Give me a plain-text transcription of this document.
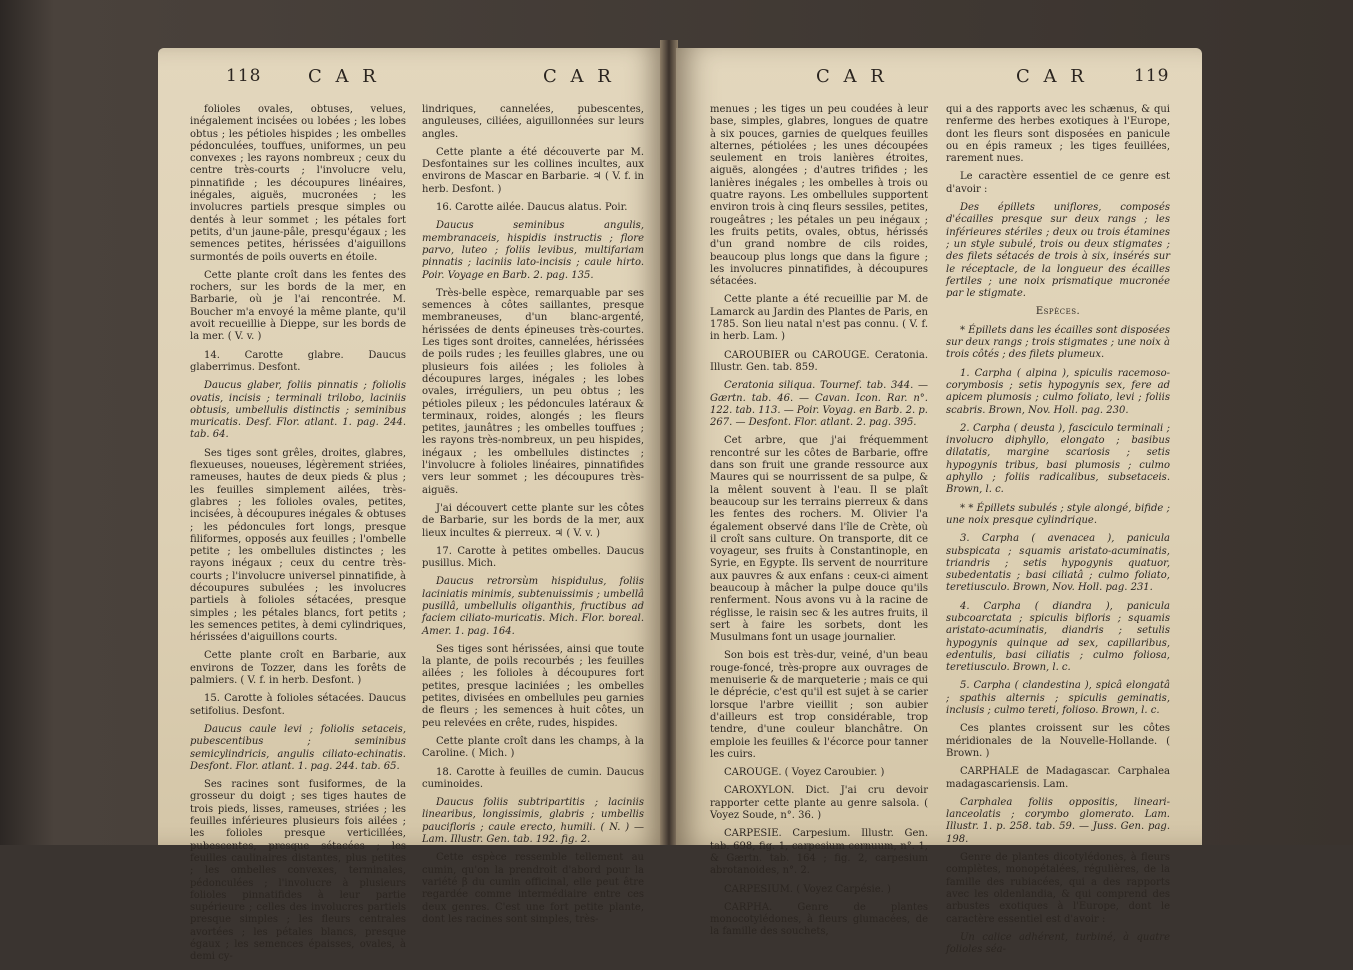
118	C A R	C A R

folioles ovales, obtuses, velues, inégalement incisées ou lobées ; les lobes obtus ; les pétioles hispides ; les ombelles pédonculées, touffues, uniformes, un peu convexes ; les rayons nombreux ; ceux du centre très-courts ; l'involucre velu, pinnatifide ; les découpures linéaires, inégales, aiguës, mucronées ; les involucres partiels presque simples ou dentés à leur sommet ; les pétales fort petits, d'un jaune-pâle, presqu'égaux ; les semences petites, hérissées d'aiguillons surmontés de poils ouverts en étoile.

Cette plante croît dans les fentes des rochers, sur les bords de la mer, en Barbarie, où je l'ai rencontrée. M. Boucher m'a envoyé la même plante, qu'il avoit recueillie à Dieppe, sur les bords de la mer. ( V. v. )

14. Carotte glabre. Daucus glaberrimus. Desfont.

Daucus glaber, foliis pinnatis ; foliolis ovatis, incisis ; terminali trilobo, laciniis obtusis, umbellulis distinctis ; seminibus muricatis. Desf. Flor. atlant. 1. pag. 244. tab. 64.

Ses tiges sont grêles, droites, glabres, flexueuses, noueuses, légèrement striées, rameuses, hautes de deux pieds & plus ; les feuilles simplement ailées, très-glabres ; les folioles ovales, petites, incisées, à découpures inégales & obtuses ; les pédoncules fort longs, presque filiformes, opposés aux feuilles ; l'ombelle petite ; les ombellules distinctes ; les rayons inégaux ; ceux du centre très-courts ; l'involucre universel pinnatifide, à découpures subulées ; les involucres partiels à folioles sétacées, presque simples ; les pétales blancs, fort petits ; les semences petites, à demi cylindriques, hérissées d'aiguillons courts.

Cette plante croît en Barbarie, aux environs de Tozzer, dans les forêts de palmiers. ( V. f. in herb. Desfont. )

15. Carotte à folioles sétacées. Daucus setifolius. Desfont.

Daucus caule levi ; foliolis setaceis, pubescentibus ; seminibus semicylindricis, angulis ciliato-echinatis. Desfont. Flor. atlant. 1. pag. 244. tab. 65.

Ses racines sont fusiformes, de la grosseur du doigt ; ses tiges hautes de trois pieds, lisses, rameuses, striées ; les feuilles inférieures plusieurs fois ailées ; les folioles presque verticillées, pubescentes, presque sétacées ; les feuilles caulinaires distantes, plus petites ; les ombelles convexes, terminales, pédonculées ; l'involucre à plusieurs folioles pinnatifides à leur partie supérieure ; celles des involucres partiels presque simples ; les fleurs centrales avortées ; les pétales blancs, presque égaux ; les semences épaisses, ovales, à demi cy-

lindriques, cannelées, pubescentes, anguleuses, ciliées, aiguillonnées sur leurs angles.

Cette plante a été découverte par M. Desfontaines sur les collines incultes, aux environs de Mascar en Barbarie. ♃ ( V. f. in herb. Desfont. )

16. Carotte ailée. Daucus alatus. Poir.

Daucus seminibus angulis, membranaceis, hispidis instructis ; flore parvo, luteo ; foliis levibus, multifariam pinnatis ; laciniis lato-incisis ; caule hirto. Poir. Voyage en Barb. 2. pag. 135.

Très-belle espèce, remarquable par ses semences à côtes saillantes, presque membraneuses, d'un blanc-argenté, hérissées de dents épineuses très-courtes. Les tiges sont droites, cannelées, hérissées de poils rudes ; les feuilles glabres, une ou plusieurs fois ailées ; les folioles à découpures larges, inégales ; les lobes ovales, irréguliers, un peu obtus ; les pétioles pileux ; les pédoncules latéraux & terminaux, roides, alongés ; les fleurs petites, jaunâtres ; les ombelles touffues ; les rayons très-nombreux, un peu hispides, inégaux ; les ombellules distinctes ; l'involucre à folioles linéaires, pinnatifides vers leur sommet ; les découpures très-aiguës.

J'ai découvert cette plante sur les côtes de Barbarie, sur les bords de la mer, aux lieux incultes & pierreux. ♃ ( V. v. )

17. Carotte à petites ombelles. Daucus pusillus. Mich.

Daucus retrorsùm hispidulus, foliis laciniatis minimis, subtenuissimis ; umbellâ pusillâ, umbellulis oliganthis, fructibus ad faciem ciliato-muricatis. Mich. Flor. boreal. Amer. 1. pag. 164.

Ses tiges sont hérissées, ainsi que toute la plante, de poils recourbés ; les feuilles ailées ; les folioles à découpures fort petites, presque laciniées ; les ombelles petites, divisées en ombellules peu garnies de fleurs ; les semences à huit côtes, un peu relevées en crête, rudes, hispides.

Cette plante croît dans les champs, à la Caroline. ( Mich. )

18. Carotte à feuilles de cumin. Daucus cuminoides.

Daucus foliis subtripartitis ; laciniis linearibus, longissimis, glabris ; umbellis paucifloris ; caule erecto, humili. ( N. ) — Lam. Illustr. Gen. tab. 192. fig. 2.

Cette espèce ressemble tellement au cumin, qu'on la prendroit d'abord pour la variété β du cumin officinal, elle peut être regardée comme intermédiaire entre ces deux genres. C'est une fort petite plante, dont les racines sont simples, très-

C A R	C A R	119

menues ; les tiges un peu coudées à leur base, simples, glabres, longues de quatre à six pouces, garnies de quelques feuilles alternes, pétiolées ; les unes découpées seulement en trois lanières étroites, aiguës, alongées ; d'autres trifides ; les lanières inégales ; les ombelles à trois ou quatre rayons. Les ombellules supportent environ trois à cinq fleurs sessiles, petites, rougeâtres ; les pétales un peu inégaux ; les fruits petits, ovales, obtus, hérissés d'un grand nombre de cils roides, beaucoup plus longs que dans la figure ; les involucres pinnatifides, à découpures sétacées.

Cette plante a été recueillie par M. de Lamarck au Jardin des Plantes de Paris, en 1785. Son lieu natal n'est pas connu. ( V. f. in herb. Lam. )

CAROUBIER ou CAROUGE. Ceratonia. Illustr. Gen. tab. 859.

Ceratonia siliqua. Tournef. tab. 344. — Gærtn. tab. 46. — Cavan. Icon. Rar. n°. 122. tab. 113. — Poir. Voyag. en Barb. 2. p. 267. — Desfont. Flor. atlant. 2. pag. 395.

Cet arbre, que j'ai fréquemment rencontré sur les côtes de Barbarie, offre dans son fruit une grande ressource aux Maures qui se nourrissent de sa pulpe, & la mêlent souvent à l'eau. Il se plaît beaucoup sur les terrains pierreux & dans les fentes des rochers. M. Olivier l'a également observé dans l'île de Crète, où il croît sans culture. On transporte, dit ce voyageur, ses fruits à Constantinople, en Syrie, en Egypte. Ils servent de nourriture aux pauvres & aux enfans : ceux-ci aiment beaucoup à mâcher la pulpe douce qu'ils renferment. Nous avons vu à la racine de réglisse, le raisin sec & les autres fruits, il sert à faire les sorbets, dont les Musulmans font un usage journalier.

Son bois est très-dur, veiné, d'un beau rouge-foncé, très-propre aux ouvrages de menuiserie & de marqueterie ; mais ce qui le déprécie, c'est qu'il est sujet à se carier lorsque l'arbre vieillit ; son aubier d'ailleurs est trop considérable, trop tendre, d'une couleur blanchâtre. On emploie les feuilles & l'écorce pour tanner les cuirs.

CAROUGE. ( Voyez Caroubier. )

CAROXYLON. Dict. J'ai cru devoir rapporter cette plante au genre salsola. ( Voyez Soude, n°. 36. )

CARPESIE. Carpesium. Illustr. Gen. tab. 698, fig. 1, carpesium cernuum, n°. 1, & Gærtn. tab. 164 ; fig. 2, carpesium abrotanoides, n°. 2.

CARPESIUM. ( Voyez Carpésie. )

CARPHA. Genre de plantes monocotylédones, à fleurs glumacées, de la famille des souchets,

qui a des rapports avec les schænus, & qui renferme des herbes exotiques à l'Europe, dont les fleurs sont disposées en panicule ou en épis rameux ; les tiges feuillées, rarement nues.

Le caractère essentiel de ce genre est d'avoir :

Des épillets uniflores, composés d'écailles presque sur deux rangs ; les inférieures stériles ; deux ou trois étamines ; un style subulé, trois ou deux stigmates ; des filets sétacés de trois à six, insérés sur le réceptacle, de la longueur des écailles fertiles ; une noix prismatique mucronée par le stigmate.

Espèces.

* Épillets dans les écailles sont disposées sur deux rangs ; trois stigmates ; une noix à trois côtés ; des filets plumeux.

1. Carpha ( alpina ), spiculis racemoso-corymbosis ; setis hypogynis sex, fere ad apicem plumosis ; culmo foliato, levi ; foliis scabris. Brown, Nov. Holl. pag. 230.

2. Carpha ( deusta ), fasciculo terminali ; involucro diphyllo, elongato ; basibus dilatatis, margine scariosis ; setis hypogynis tribus, basi plumosis ; culmo aphyllo ; foliis radicalibus, subsetaceis. Brown, l. c.

* * Épillets subulés ; style alongé, bifide ; une noix presque cylindrique.

3. Carpha ( avenacea ), panicula subspicata ; squamis aristato-acuminatis, triandris ; setis hypogynis quatuor, subedentatis ; basi ciliatâ ; culmo foliato, teretiusculo. Brown, Nov. Holl. pag. 231.

4. Carpha ( diandra ), panicula subcoarctata ; spiculis bifloris ; squamis aristato-acuminatis, diandris ; setulis hypogynis quinque ad sex, capillaribus, edentulis, basi ciliatis ; culmo foliosa, teretiusculo. Brown, l. c.

5. Carpha ( clandestina ), spicâ elongatâ ; spathis alternis ; spiculis geminatis, inclusis ; culmo tereti, folioso. Brown, l. c.

Ces plantes croissent sur les côtes méridionales de la Nouvelle-Hollande. ( Brown. )

CARPHALE de Madagascar. Carphalea madagascariensis. Lam.

Carphalea foliis oppositis, lineari-lanceolatis ; corymbo glomerato. Lam. Illustr. 1. p. 258. tab. 59. — Juss. Gen. pag. 198.

Genre de plantes dicotylédones, à fleurs complètes, monopétalées, régulières, de la famille des rubiacées, qui a des rapports avec les oldenlandia, & qui comprend des arbustes exotiques à l'Europe, dont le caractère essentiel est d'avoir :

Un calice adhérent, turbiné, à quatre folioles séa-
